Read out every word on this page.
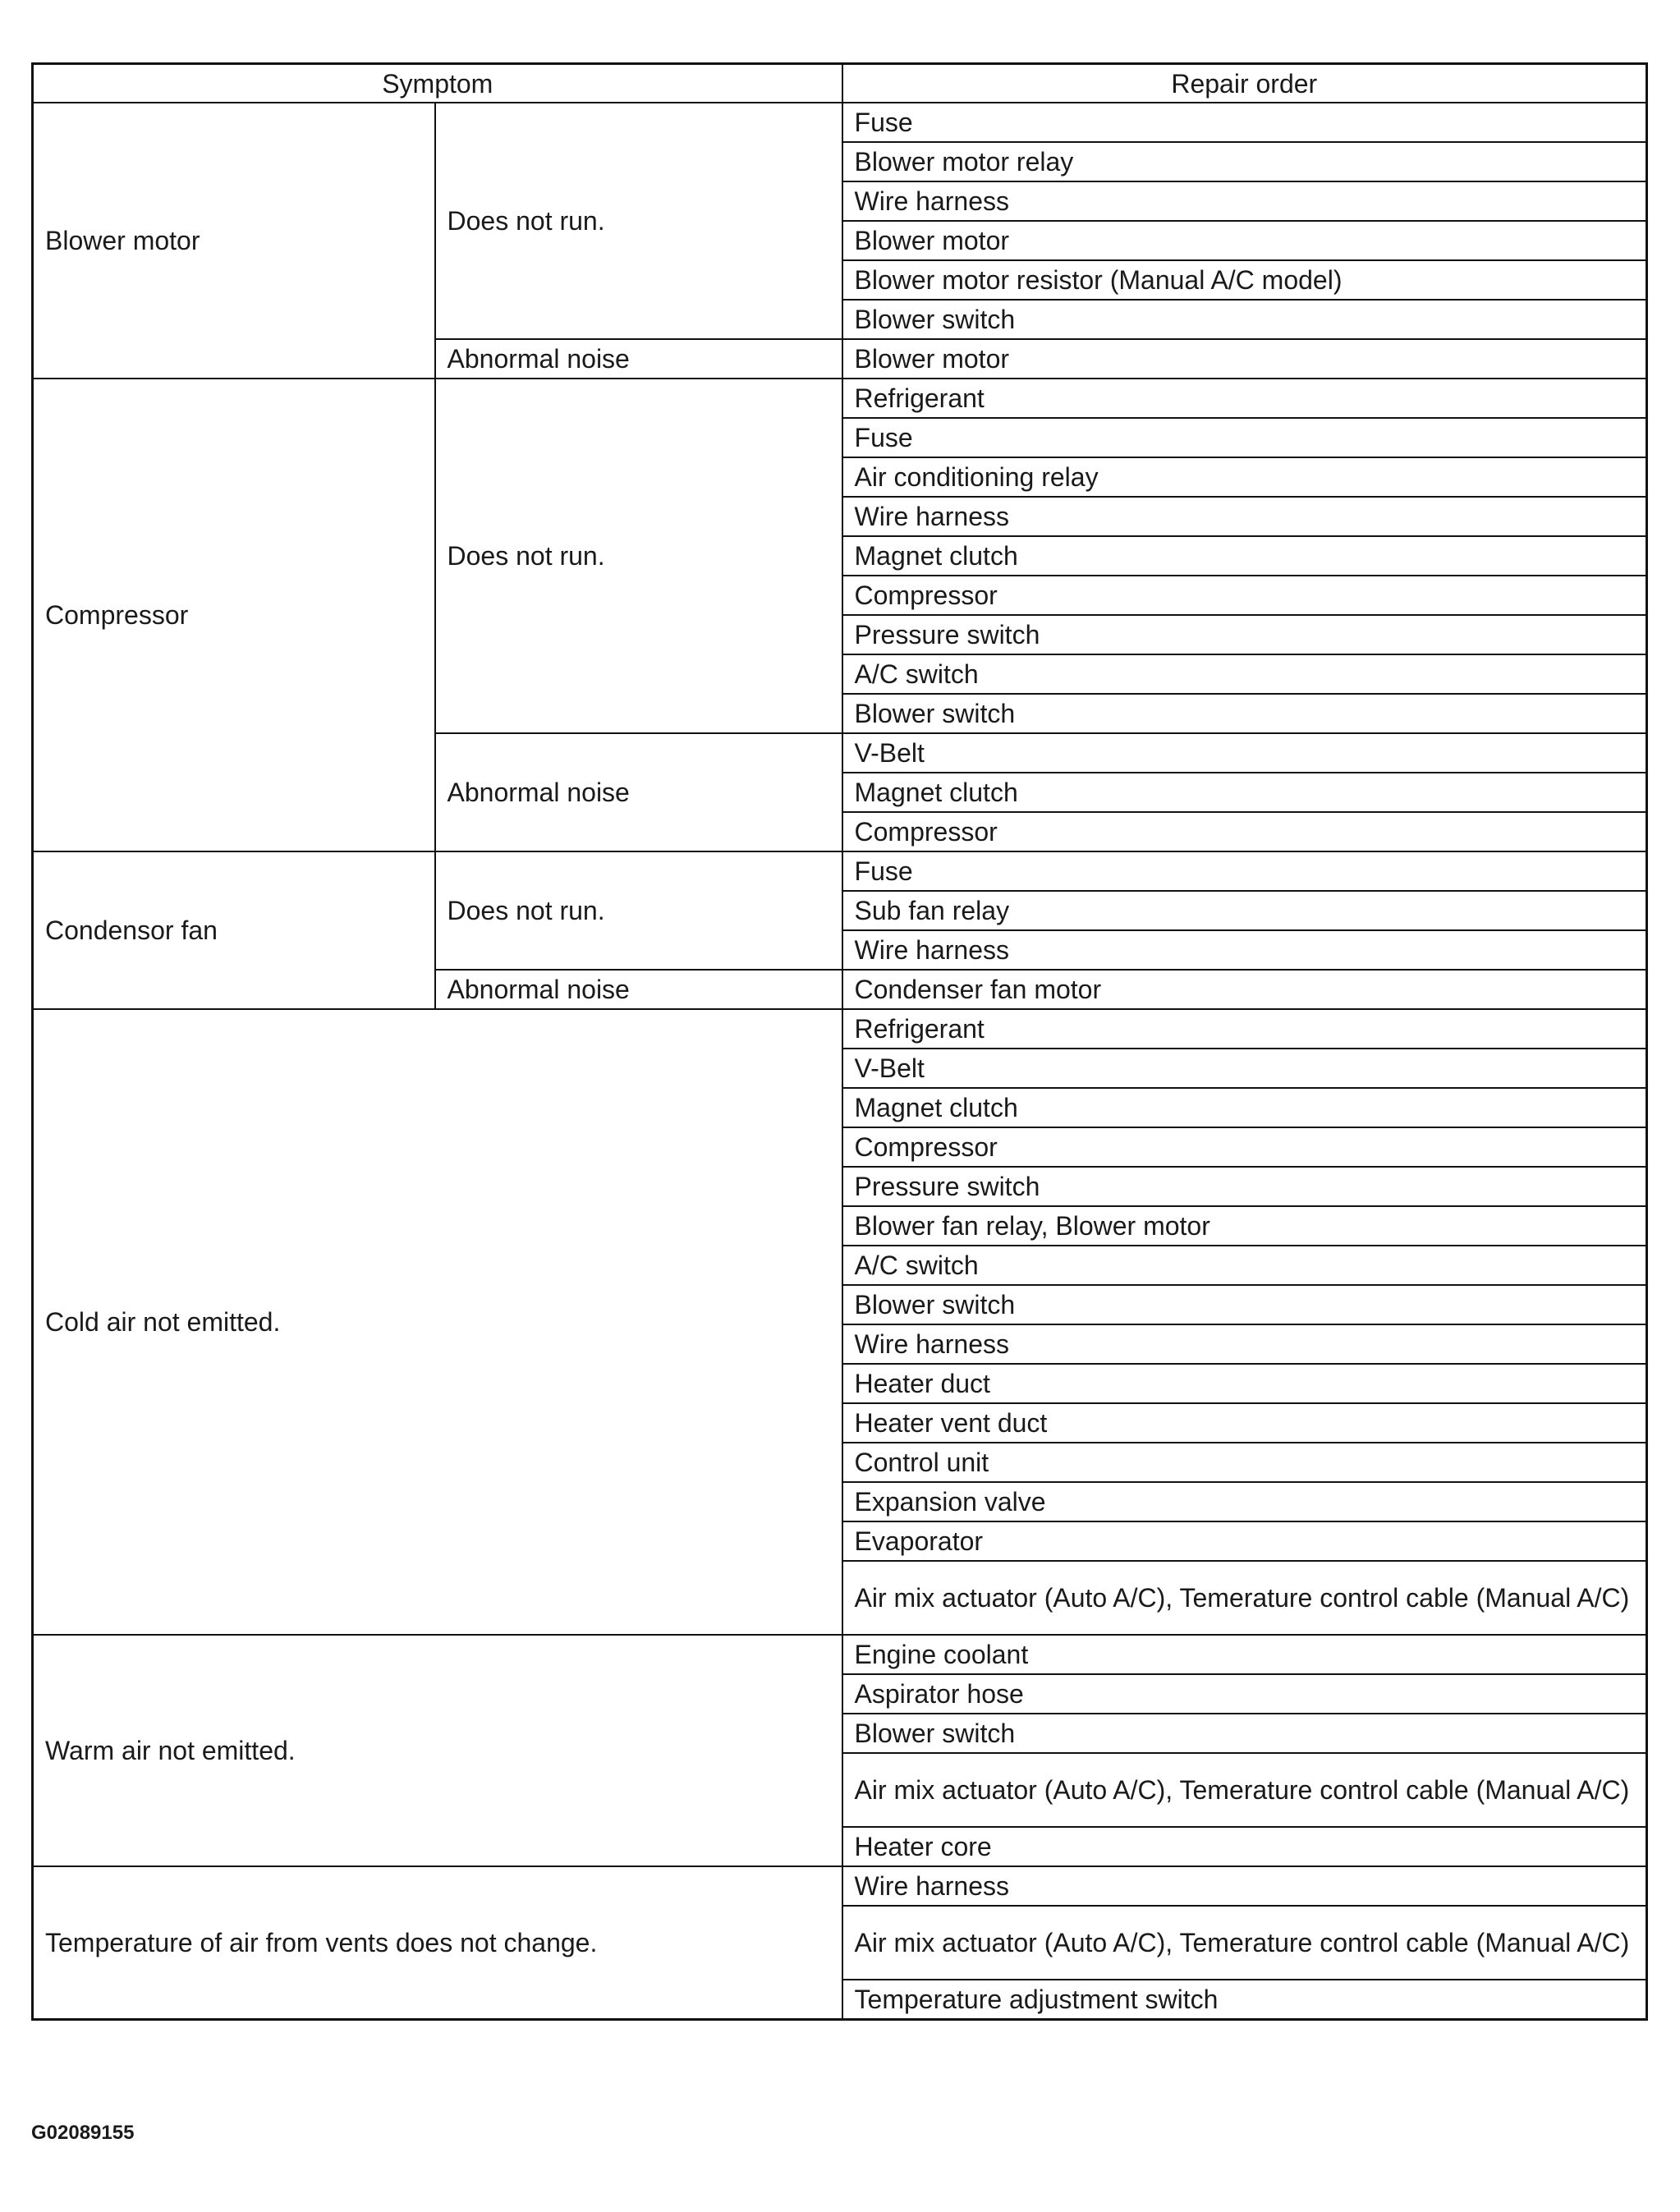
Symptom		Repair order
Blower motor	Does not run.	Fuse
		Blower motor relay
		Wire harness
		Blower motor
		Blower motor resistor (Manual A/C model)
		Blower switch
	Abnormal noise	Blower motor
Compressor	Does not run.	Refrigerant
		Fuse
		Air conditioning relay
		Wire harness
		Magnet clutch
		Compressor
		Pressure switch
		A/C switch
		Blower switch
	Abnormal noise	V-Belt
		Magnet clutch
		Compressor
Condensor fan	Does not run.	Fuse
		Sub fan relay
		Wire harness
	Abnormal noise	Condenser fan motor
Cold air not emitted.		Refrigerant
		V-Belt
		Magnet clutch
		Compressor
		Pressure switch
		Blower fan relay, Blower motor
		A/C switch
		Blower switch
		Wire harness
		Heater duct
		Heater vent duct
		Control unit
		Expansion valve
		Evaporator
		Air mix actuator (Auto A/C), Temerature control cable (Manual A/C)
Warm air not emitted.		Engine coolant
		Aspirator hose
		Blower switch
		Air mix actuator (Auto A/C), Temerature control cable (Manual A/C)
		Heater core
Temperature of air from vents does not change.		Wire harness
		Air mix actuator (Auto A/C), Temerature control cable (Manual A/C)
		Temperature adjustment switch
G02089155
